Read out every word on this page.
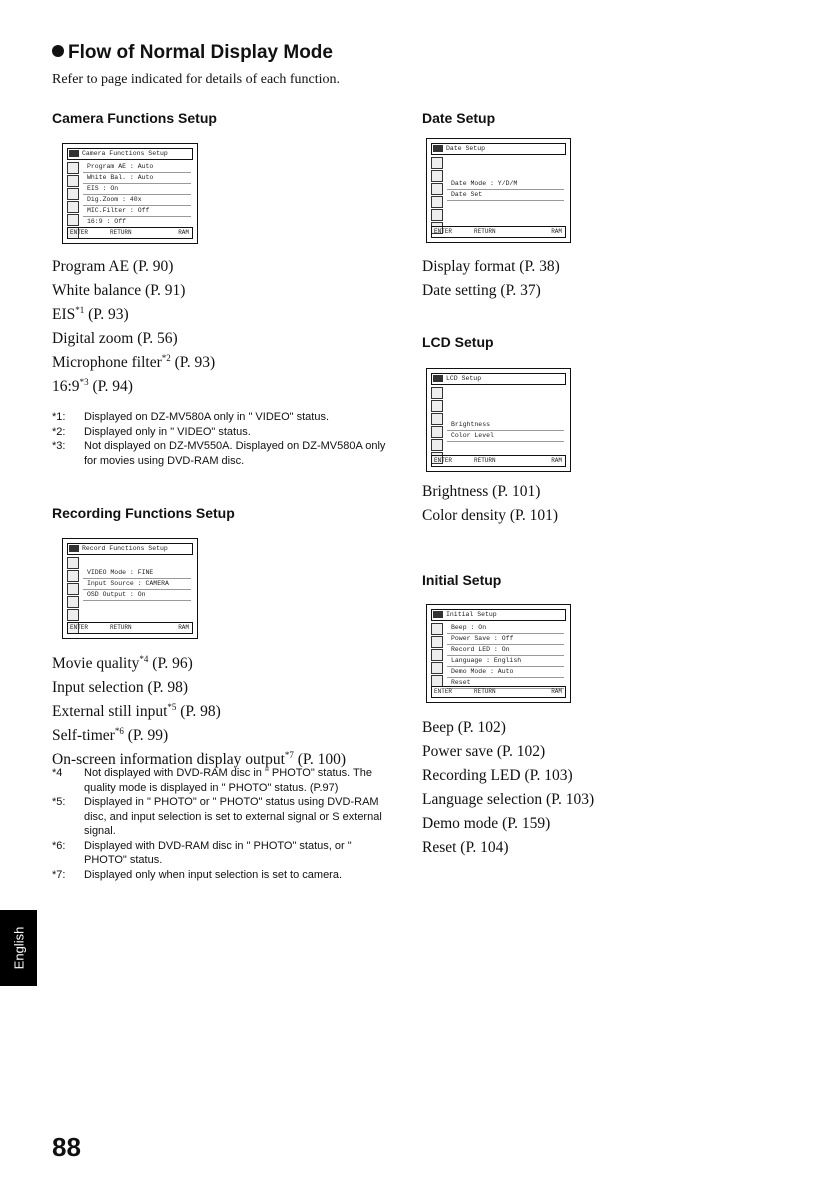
Flow of Normal Display Mode
Refer to page indicated for details of each function.
Camera Functions Setup
Camera Functions Setup
Program AE : Auto
White Bal. : Auto
EIS : On
Dig.Zoom : 40x
MIC.Filter : Off
16:9 : Off
ENTER	RETURN	RAM
Program AE (P. 90)
White balance (P. 91)
EIS$^{*1}$ (P. 93)
Digital zoom (P. 56)
Microphone filter$^{*2}$ (P. 93)
16:9$^{*3}$ (P. 94)
*1: Displayed on DZ-MV580A only in " VIDEO" status.
*2: Displayed only in " VIDEO" status.
*3: Not displayed on DZ-MV550A. Displayed on DZ-MV580A only for movies using DVD-RAM disc.
Recording Functions Setup
Record Functions Setup
VIDEO Mode : FINE
Input Source : CAMERA
OSD Output : On
ENTER	RETURN	RAM
Movie quality$^{*4}$ (P. 96)
Input selection (P. 98)
External still input$^{*5}$ (P. 98)
Self-timer$^{*6}$ (P. 99)
On-screen information display output$^{*7}$ (P. 100)
*4 Not displayed with DVD-RAM disc in " PHOTO" status. The quality mode is displayed in " PHOTO" status. (P.97)
*5: Displayed in " PHOTO" or " PHOTO" status using DVD-RAM disc, and input selection is set to external signal or S external signal.
*6: Displayed with DVD-RAM disc in " PHOTO" status, or " PHOTO" status.
*7: Displayed only when input selection is set to camera.
Date Setup
Date Setup
Date Mode : Y/D/M
Date Set
ENTER	RETURN	RAM
Display format (P. 38)
Date setting (P. 37)
LCD Setup
LCD Setup
Brightness
Color Level
ENTER	RETURN	RAM
Brightness (P. 101)
Color density (P. 101)
Initial Setup
Initial Setup
Beep : On
Power Save : Off
Record LED : On
Language : English
Demo Mode : Auto
Reset
ENTER	RETURN	RAM
Beep (P. 102)
Power save (P. 102)
Recording LED (P. 103)
Language selection (P. 103)
Demo mode (P. 159)
Reset (P. 104)
English
88
